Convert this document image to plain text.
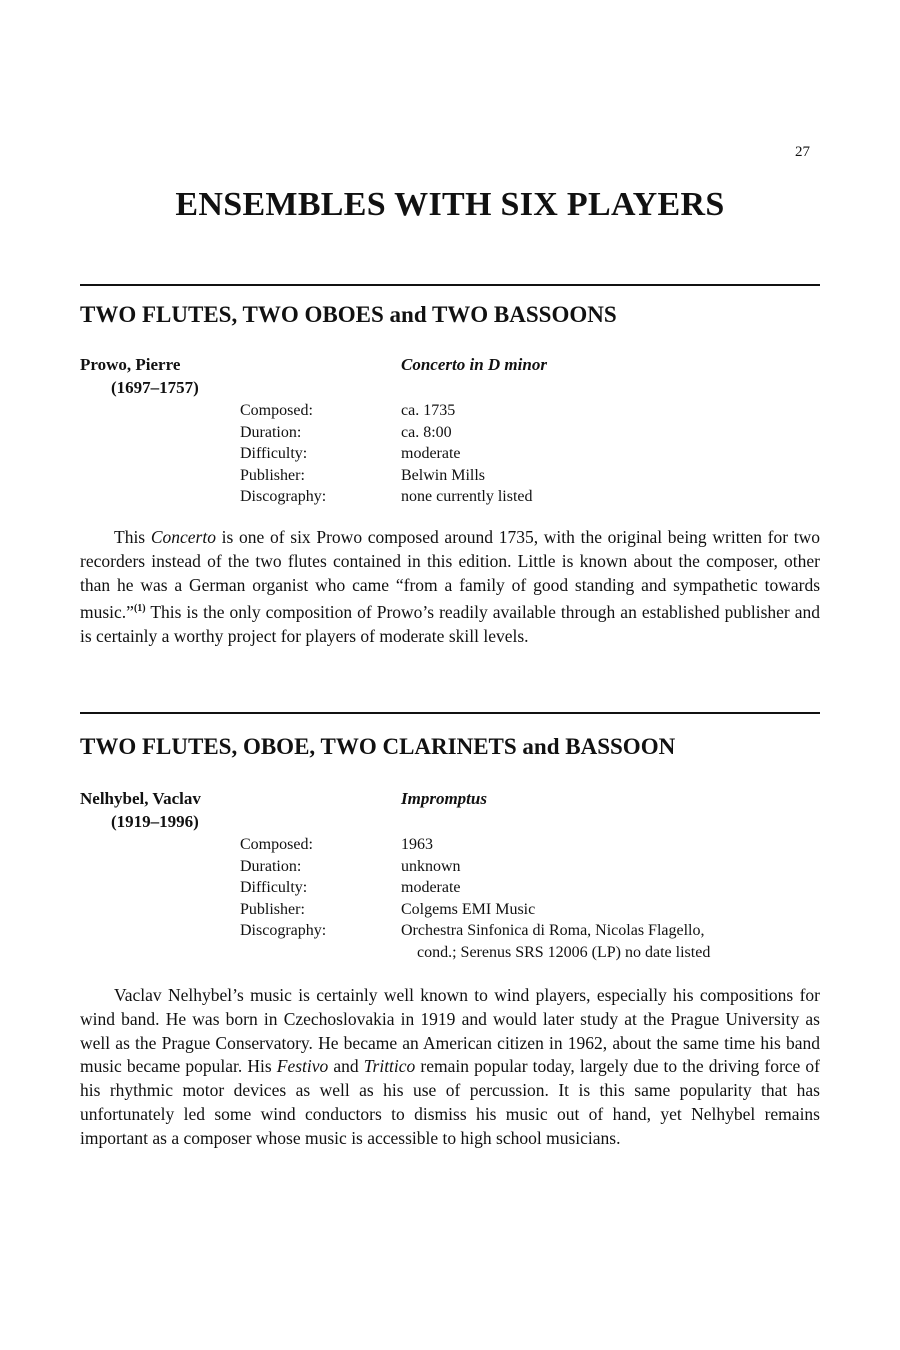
27
ENSEMBLES WITH SIX PLAYERS
TWO FLUTES, TWO OBOES and TWO BASSOONS
Prowo, Pierre
(1697–1757)
Concerto in D minor
Composed:	ca. 1735
Duration:	ca. 8:00
Difficulty:	moderate
Publisher:	Belwin Mills
Discography:	none currently listed

This Concerto is one of six Prowo composed around 1735, with the original being written for two recorders instead of the two flutes contained in this edition. Little is known about the composer, other than he was a German organist who came “from a family of good standing and sympathetic towards music.”$^{(1)}$ This is the only composition of Prowo’s readily available through an established publisher and is certainly a worthy project for players of moderate skill levels.

TWO FLUTES, OBOE, TWO CLARINETS and BASSOON
Nelhybel, Vaclav
(1919–1996)
Impromptus
Composed:	1963
Duration:	unknown
Difficulty:	moderate
Publisher:	Colgems EMI Music
Discography:	Orchestra Sinfonica di Roma, Nicolas Flagello,
cond.; Serenus SRS 12006 (LP) no date listed

Vaclav Nelhybel’s music is certainly well known to wind players, especially his compositions for wind band. He was born in Czechoslovakia in 1919 and would later study at the Prague University as well as the Prague Conservatory. He became an American citizen in 1962, about the same time his band music became popular. His Festivo and Trittico remain popular today, largely due to the driving force of his rhythmic motor devices as well as his use of percussion. It is this same popularity that has unfortunately led some wind conductors to dismiss his music out of hand, yet Nelhybel remains important as a composer whose music is accessible to high school musicians.
